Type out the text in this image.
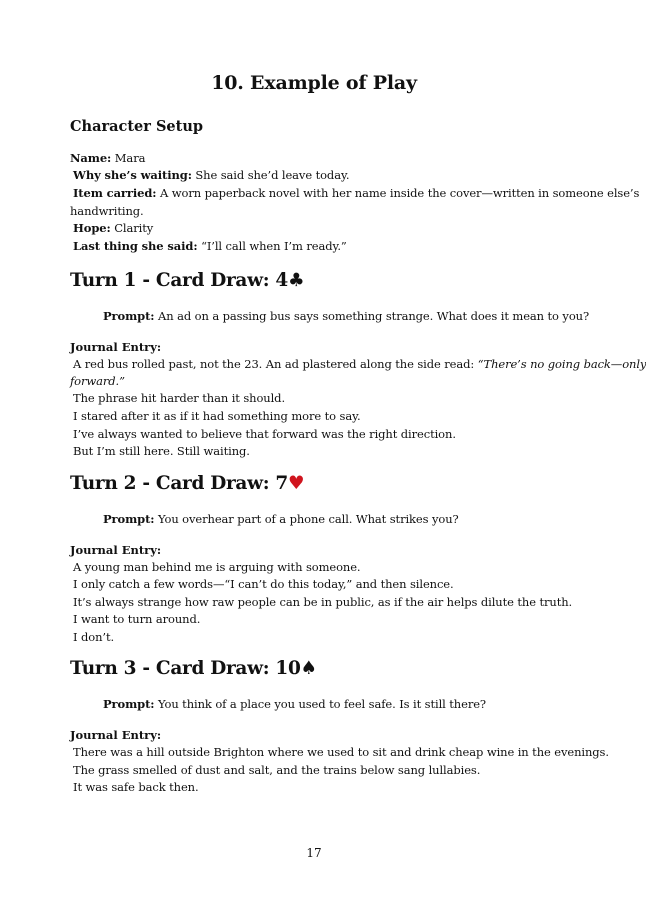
10. Example of Play
Character Setup
Name: Mara
Why she’s waiting: She said she’d leave today.
Item carried: A worn paperback novel with her name inside the cover—written in someone else’s
handwriting.
Hope: Clarity
Last thing she said: “I’ll call when I’m ready.”
Turn 1 - Card Draw: 4♣
Prompt: An ad on a passing bus says something strange. What does it mean to you?
Journal Entry:
A red bus rolled past, not the 23. An ad plastered along the side read: “There’s no going back—only
forward.”
The phrase hit harder than it should.
I stared after it as if it had something more to say.
I’ve always wanted to believe that forward was the right direction.
But I’m still here. Still waiting.
Turn 2 - Card Draw: 7♥
Prompt: You overhear part of a phone call. What strikes you?
Journal Entry:
A young man behind me is arguing with someone.
I only catch a few words—“I can’t do this today,” and then silence.
It’s always strange how raw people can be in public, as if the air helps dilute the truth.
I want to turn around.
I don’t.
Turn 3 - Card Draw: 10♠
Prompt: You think of a place you used to feel safe. Is it still there?
Journal Entry:
There was a hill outside Brighton where we used to sit and drink cheap wine in the evenings.
The grass smelled of dust and salt, and the trains below sang lullabies.
It was safe back then.
17
